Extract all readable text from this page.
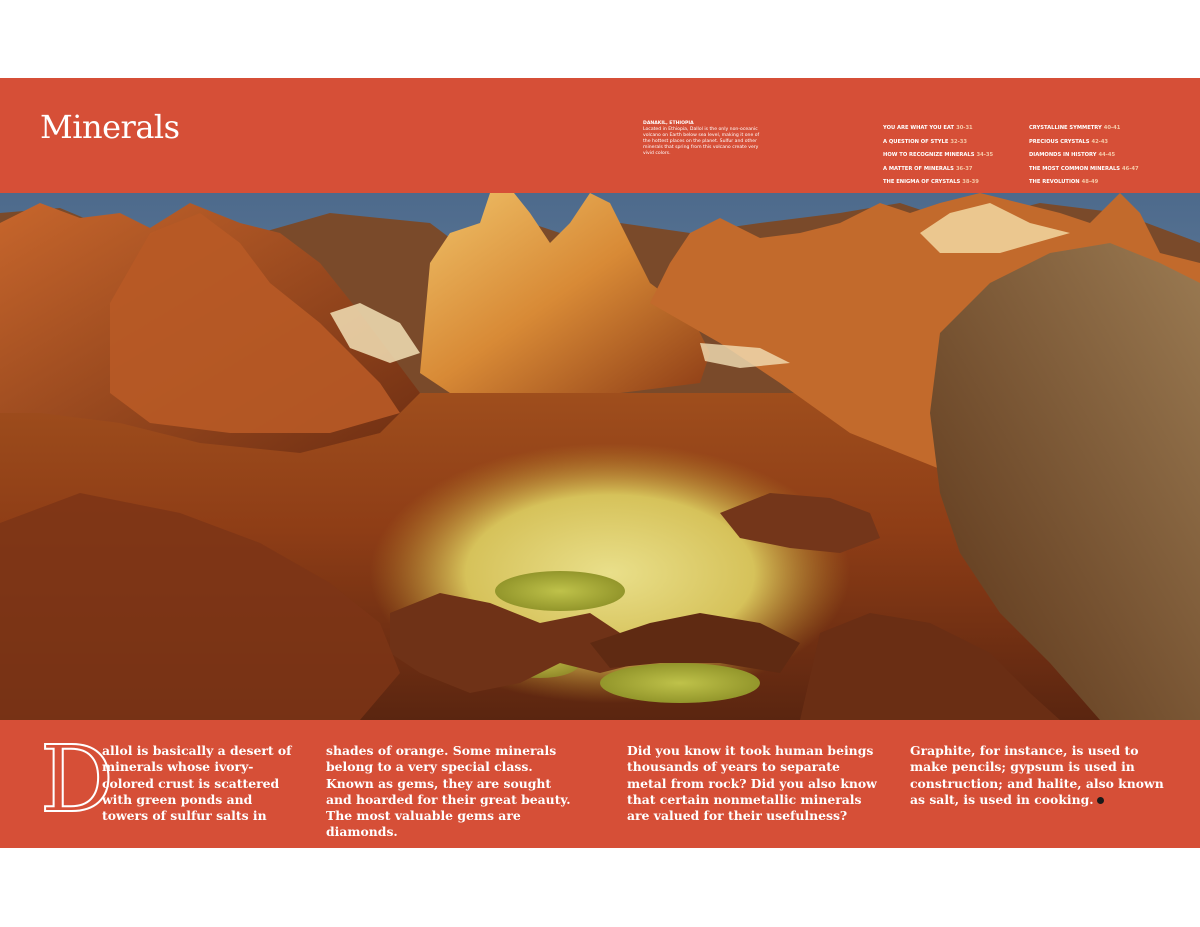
Minerals	DANAKIL, ETHIOPIA
Located in Ethiopia, Dallol is the only non-oceanic volcano on Earth below sea level, making it one of the hottest places on the planet. Sulfur and other minerals that spring from this volcano create very vivid colors.
YOU ARE WHAT YOU EAT 30-31
A QUESTION OF STYLE 32-33
HOW TO RECOGNIZE MINERALS 34-35
A MATTER OF MINERALS 36-37
THE ENIGMA OF CRYSTALS 38-39
CRYSTALLINE SYMMETRY 40-41
PRECIOUS CRYSTALS 42-43
DIAMONDS IN HISTORY 44-45
THE MOST COMMON MINERALS 46-47
THE REVOLUTION 48-49
D

allol is basically a desert of minerals whose ivory-colored crust is scattered with green ponds and towers of sulfur salts in

shades of orange. Some minerals belong to a very special class. Known as gems, they are sought and hoarded for their great beauty. The most valuable gems are diamonds.

Did you know it took human beings thousands of years to separate metal from rock? Did you also know that certain nonmetallic minerals are valued for their usefulness?

Graphite, for instance, is used to make pencils; gypsum is used in construction; and halite, also known as salt, is used in cooking.
